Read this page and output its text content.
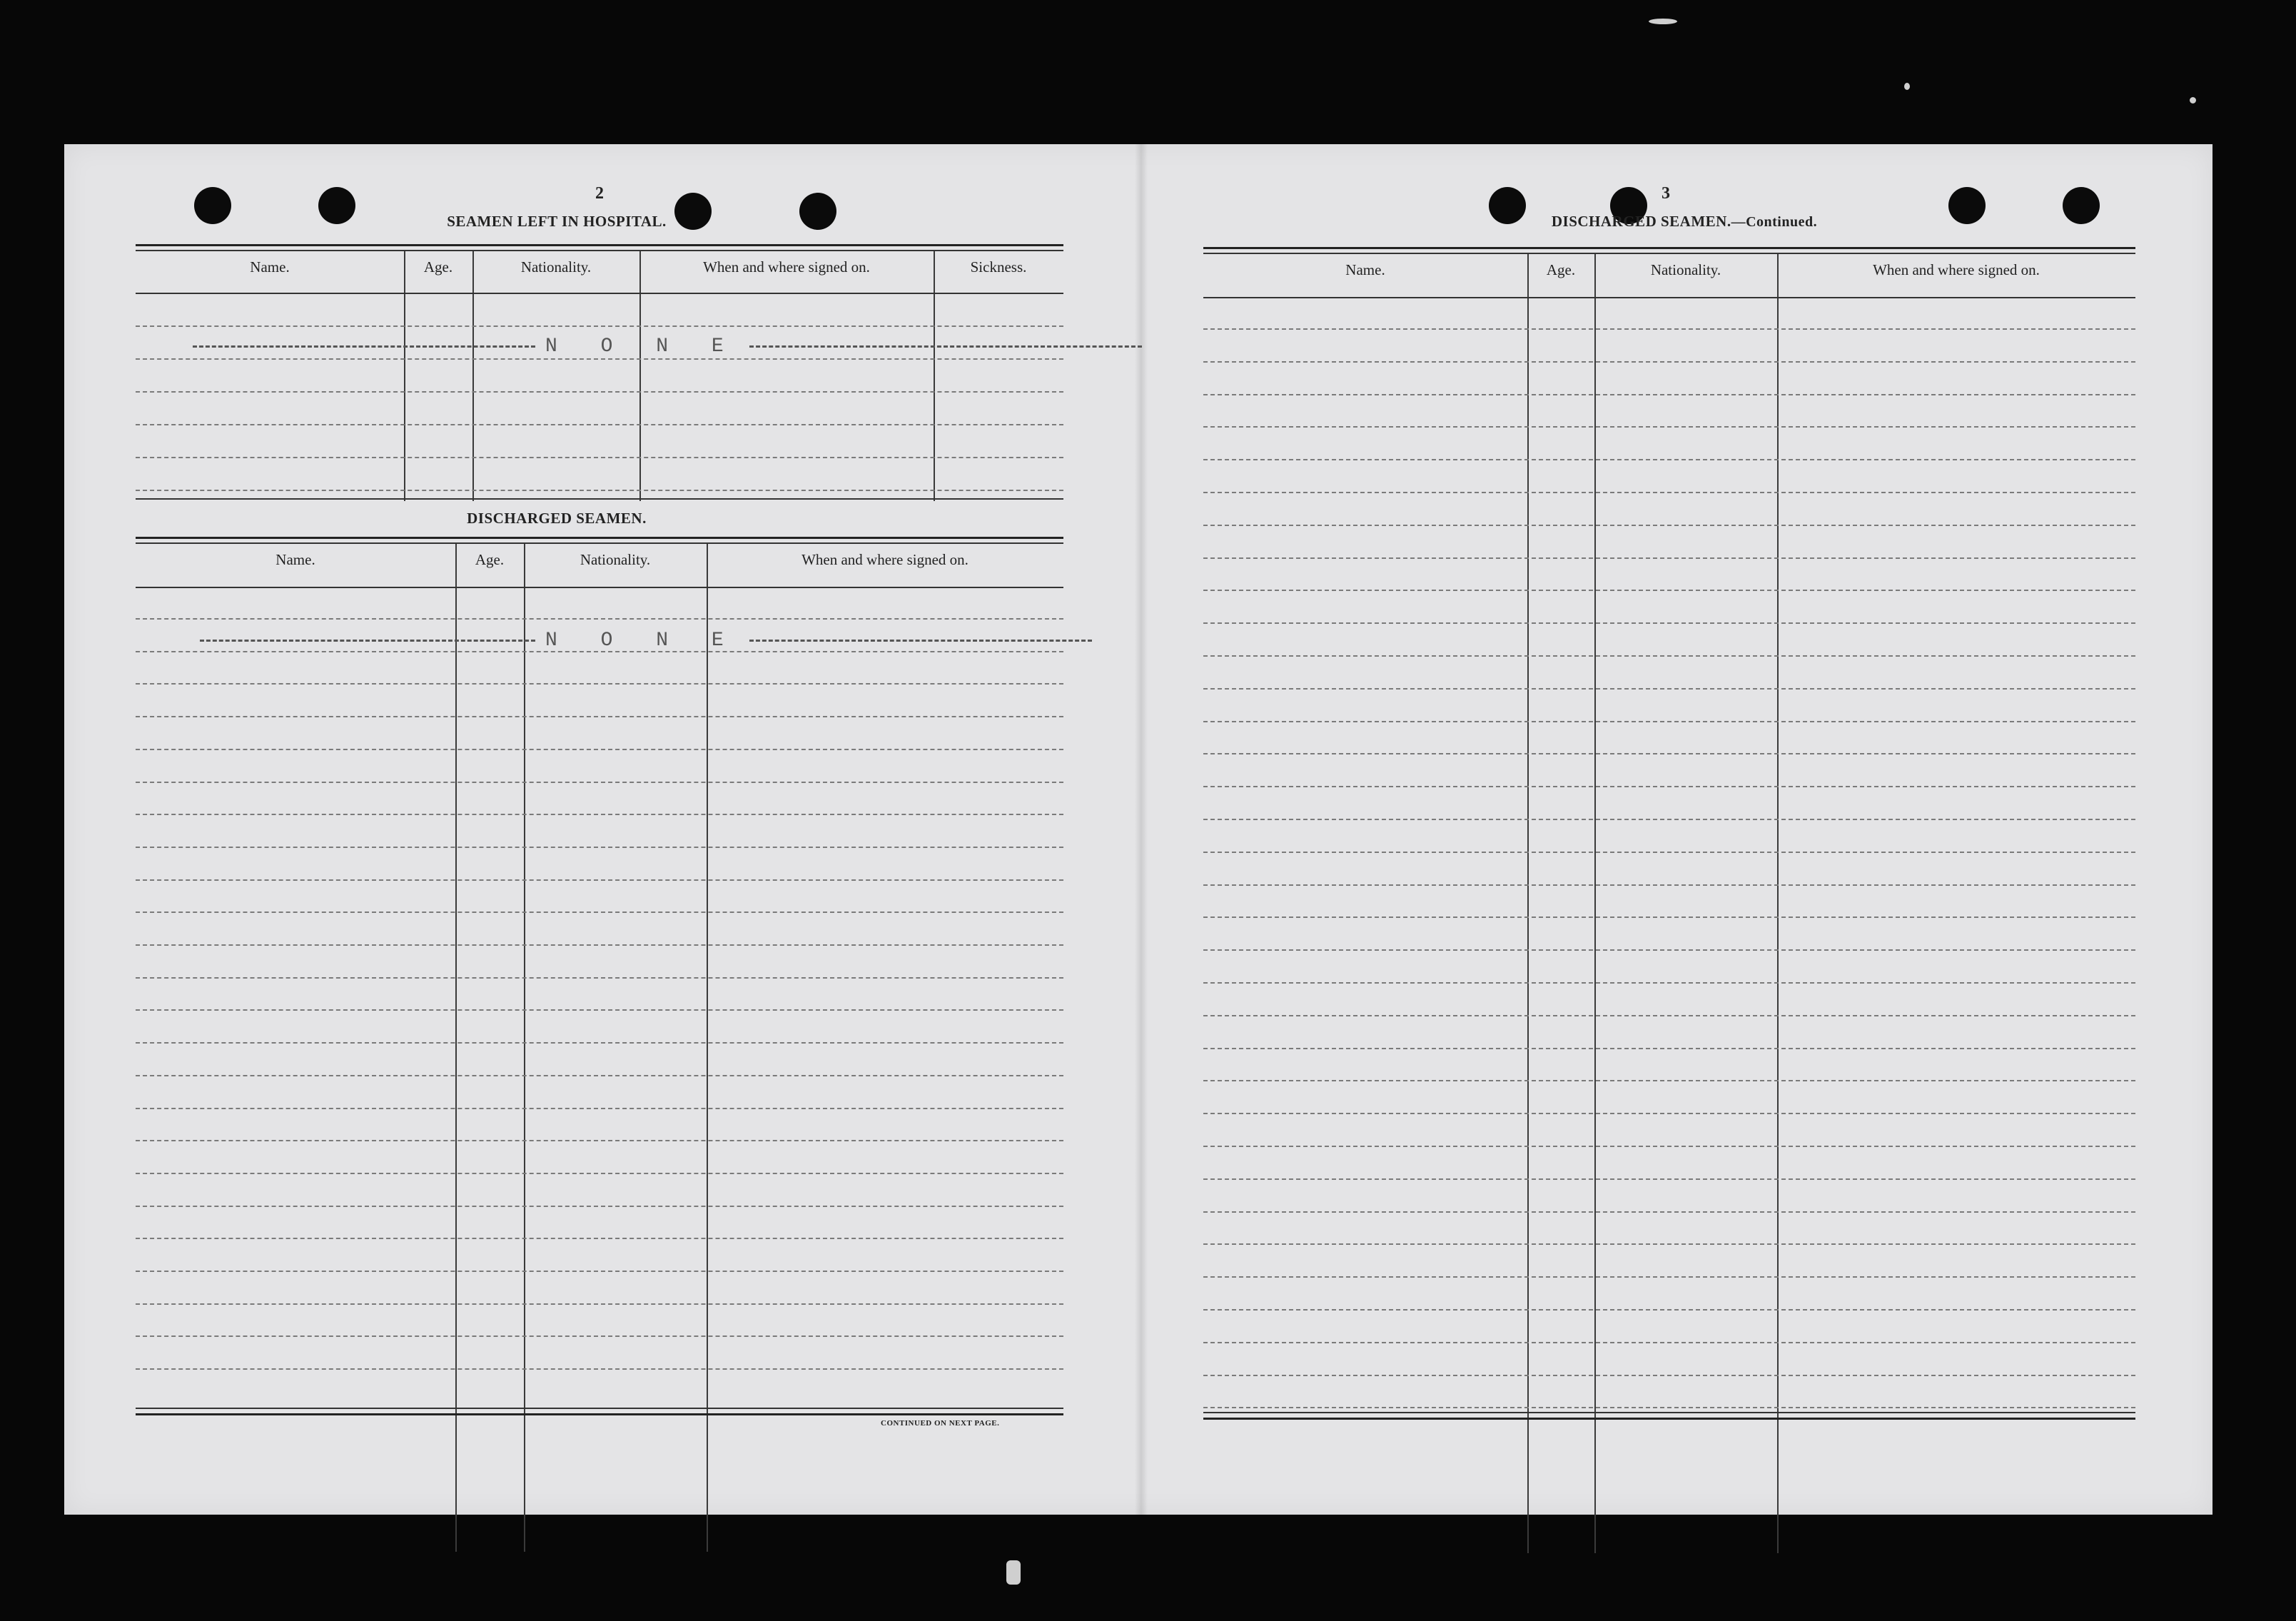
2
SEAMEN LEFT IN HOSPITAL.
Name.	Age.	Nationality.	When and where signed on.	Sickness.
N O N E
DISCHARGED SEAMEN.
Name.	Age.	Nationality.	When and where signed on.
N O N E
CONTINUED ON NEXT PAGE.
3
DISCHARGED SEAMEN.—Continued.
Name.	Age.	Nationality.	When and where signed on.
